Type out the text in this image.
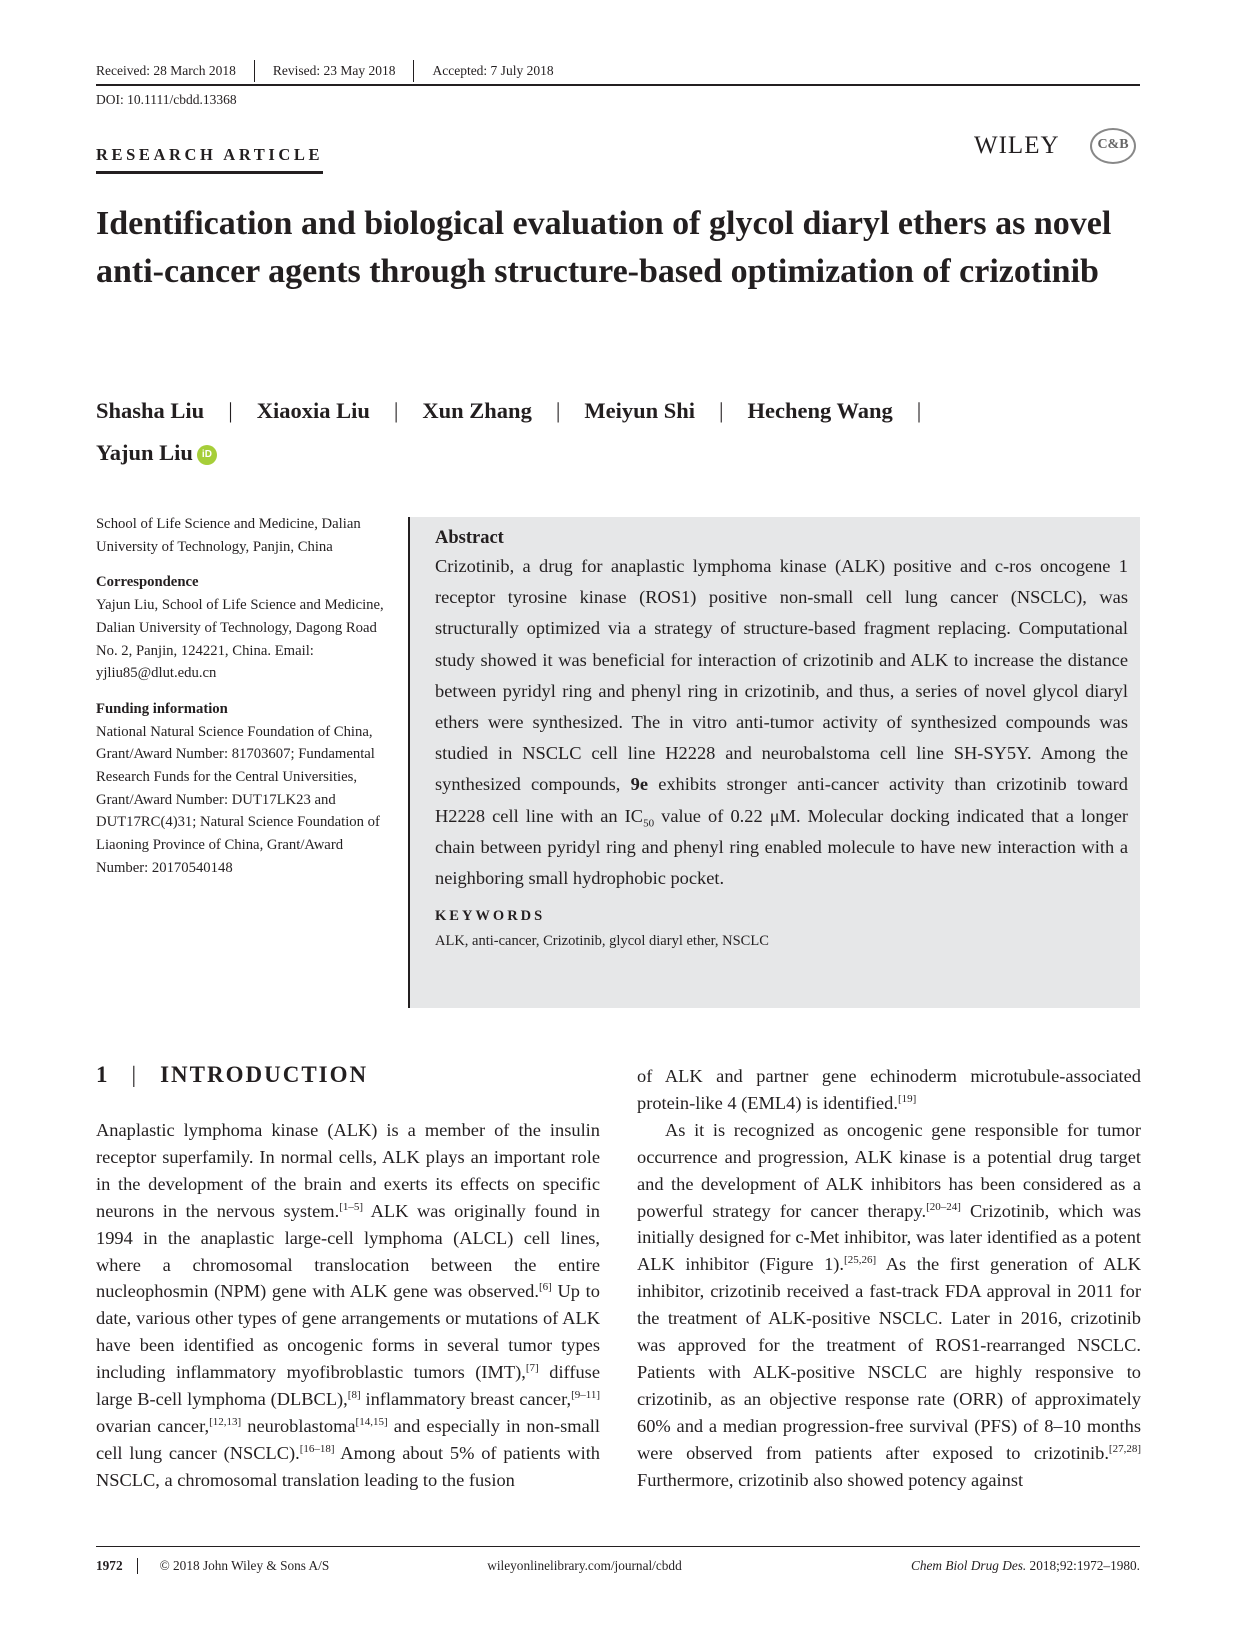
Received: 28 March 2018	Revised: 23 May 2018	Accepted: 7 July 2018
DOI: 10.1111/cbdd.13368
RESEARCH ARTICLE	WILEY	C&B
Identification and biological evaluation of glycol diaryl ethers as novel anti-cancer agents through structure-based optimization of crizotinib
Shasha Liu | Xiaoxia Liu | Xun Zhang | Meiyun Shi | Hecheng Wang |
Yajun Liu iD

School of Life Science and Medicine, Dalian University of Technology, Panjin, China

Correspondence

Yajun Liu, School of Life Science and Medicine, Dalian University of Technology, Dagong Road No. 2, Panjin, 124221, China. Email: yjliu85@dlut.edu.cn

Funding information

National Natural Science Foundation of China, Grant/Award Number: 81703607; Fundamental Research Funds for the Central Universities, Grant/Award Number: DUT17LK23 and DUT17RC(4)31; Natural Science Foundation of Liaoning Province of China, Grant/Award Number: 20170540148

Abstract

Crizotinib, a drug for anaplastic lymphoma kinase (ALK) positive and c-ros oncogene 1 receptor tyrosine kinase (ROS1) positive non-small cell lung cancer (NSCLC), was structurally optimized via a strategy of structure-based fragment replacing. Computational study showed it was beneficial for interaction of crizotinib and ALK to increase the distance between pyridyl ring and phenyl ring in crizotinib, and thus, a series of novel glycol diaryl ethers were synthesized. The in vitro anti-tumor activity of synthesized compounds was studied in NSCLC cell line H2228 and neurobalstoma cell line SH-SY5Y. Among the synthesized compounds, 9e exhibits stronger anti-cancer activity than crizotinib toward H2228 cell line with an $IC_{50}$ value of 0.22 μM. Molecular docking indicated that a longer chain between pyridyl ring and phenyl ring enabled molecule to have new interaction with a neighboring small hydrophobic pocket.

KEYWORDS
ALK, anti-cancer, Crizotinib, glycol diaryl ether, NSCLC
1 | INTRODUCTION

Anaplastic lymphoma kinase (ALK) is a member of the insulin receptor superfamily. In normal cells, ALK plays an important role in the development of the brain and exerts its effects on specific neurons in the nervous system.[1–5] ALK was originally found in 1994 in the anaplastic large-cell lymphoma (ALCL) cell lines, where a chromosomal translocation between the entire nucleophosmin (NPM) gene with ALK gene was observed.[6] Up to date, various other types of gene arrangements or mutations of ALK have been identified as oncogenic forms in several tumor types including inflammatory myofibroblastic tumors (IMT),[7] diffuse large B-cell lymphoma (DLBCL),[8] inflammatory breast cancer,[9–11] ovarian cancer,[12,13] neuroblastoma[14,15] and especially in non-small cell lung cancer (NSCLC).[16–18] Among about 5% of patients with NSCLC, a chromosomal translation leading to the fusion

of ALK and partner gene echinoderm microtubule-associated protein-like 4 (EML4) is identified.[19]

As it is recognized as oncogenic gene responsible for tumor occurrence and progression, ALK kinase is a potential drug target and the development of ALK inhibitors has been considered as a powerful strategy for cancer therapy.[20–24] Crizotinib, which was initially designed for c-Met inhibitor, was later identified as a potent ALK inhibitor (Figure 1).[25,26] As the first generation of ALK inhibitor, crizotinib received a fast-track FDA approval in 2011 for the treatment of ALK-positive NSCLC. Later in 2016, crizotinib was approved for the treatment of ROS1-rearranged NSCLC. Patients with ALK-positive NSCLC are highly responsive to crizotinib, as an objective response rate (ORR) of approximately 60% and a median progression-free survival (PFS) of 8–10 months were observed from patients after exposed to crizotinib.[27,28] Furthermore, crizotinib also showed potency against

1972	© 2018 John Wiley & Sons A/S	wileyonlinelibrary.com/journal/cbdd	Chem Biol Drug Des. 2018;92:1972–1980.
